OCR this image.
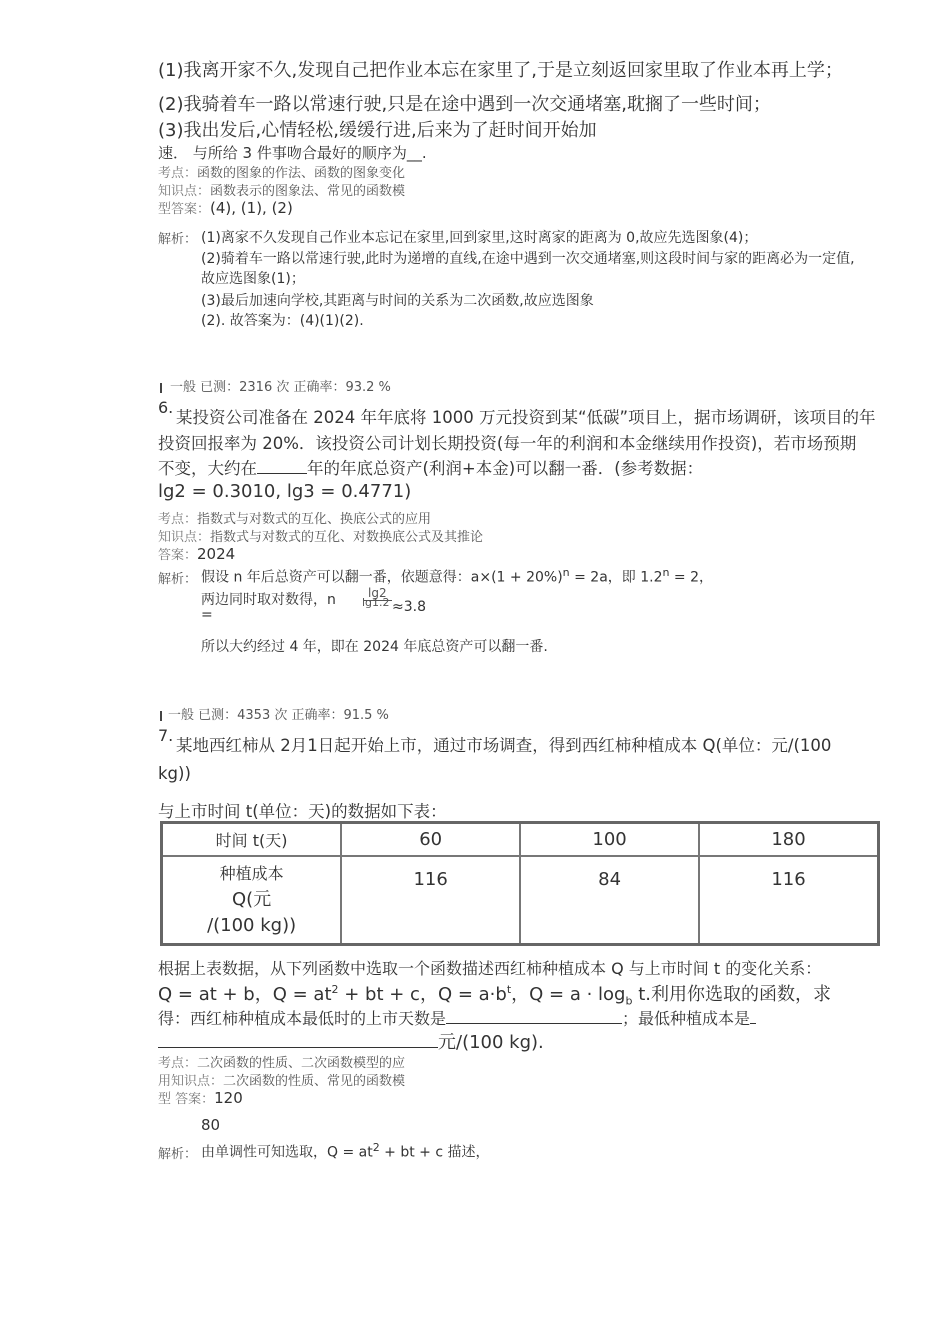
(1)我离开家不久,发现自己把作业本忘在家里了,于是立刻返回家里取了作业本再上学；
(2)我骑着车一路以常速行驶,只是在途中遇到一次交通堵塞,耽搁了一些时间；
(3)我出发后,心情轻松,缓缓行进,后来为了赶时间开始加
速． 与所给 3 件事吻合最好的顺序为__.
考点：函数的图象的作法、函数的图象变化
知识点：函数表示的图象法、常见的函数模
型答案：(4), (1), (2)
解析： (1)离家不久发现自己作业本忘记在家里,回到家里,这时离家的距离为 0,故应先选图象(4)；
(2)骑着车一路以常速行驶,此时为递增的直线,在途中遇到一次交通堵塞,则这段时间与家的距离必为一定值,
故应选图象(1)；
(3)最后加速向学校,其距离与时间的关系为二次函数,故应选图象
(2). 故答案为：(4)(1)(2).
一般 已测：2316 次 正确率：93.2 %
6.
某投资公司准备在 2024 年年底将 1000 万元投资到某“低碳”项目上，据市场调研，该项目的年
投资回报率为 20%．该投资公司计划长期投资(每一年的利润和本金继续用作投资)，若市场预期
不变，大约在	年的年底总资产(利润+本金)可以翻一番．(参考数据：
lg2 = 0.3010, lg3 = 0.4771)
考点：指数式与对数式的互化、换底公式的应用
知识点：指数式与对数式的互化、对数换底公式及其推论
答案：2024
解析： 假设 n 年后总资产可以翻一番，依题意得：$a\times(1 + 20\%)^n = 2a$，即 $1.2^n = 2$，
两边同时取对数得，n
=
lg2
lg1.2 ≈3.8
所以大约经过 4 年，即在 2024 年底总资产可以翻一番.
一般 已测：4353 次 正确率：91.5 %
7.
某地西红柿从 2月1日起开始上市，通过市场调查，得到西红柿种植成本 Q(单位：元/(100
kg))
与上市时间 t(单位：天)的数据如下表：
时间 t(天)	60	100	180

种植成本
Q(元
/(100 kg))	116	84	116
根据上表数据，从下列函数中选取一个函数描述西红柿种植成本 Q 与上市时间 t 的变化关系：
Q = at + b，$Q = at^2$ + bt + c，$Q = a\cdot b^t$，$Q = a \cdot \log_b t$.利用你选取的函数，求
得：西红柿种植成本最低时的上市天数是	；最低种植成本是
元/(100 kg).
考点：二次函数的性质、二次函数模型的应
用知识点：二次函数的性质、常见的函数模
型 答案：120
80
解析： 由单调性可知选取，$Q = at^2$ + bt + c 描述，
